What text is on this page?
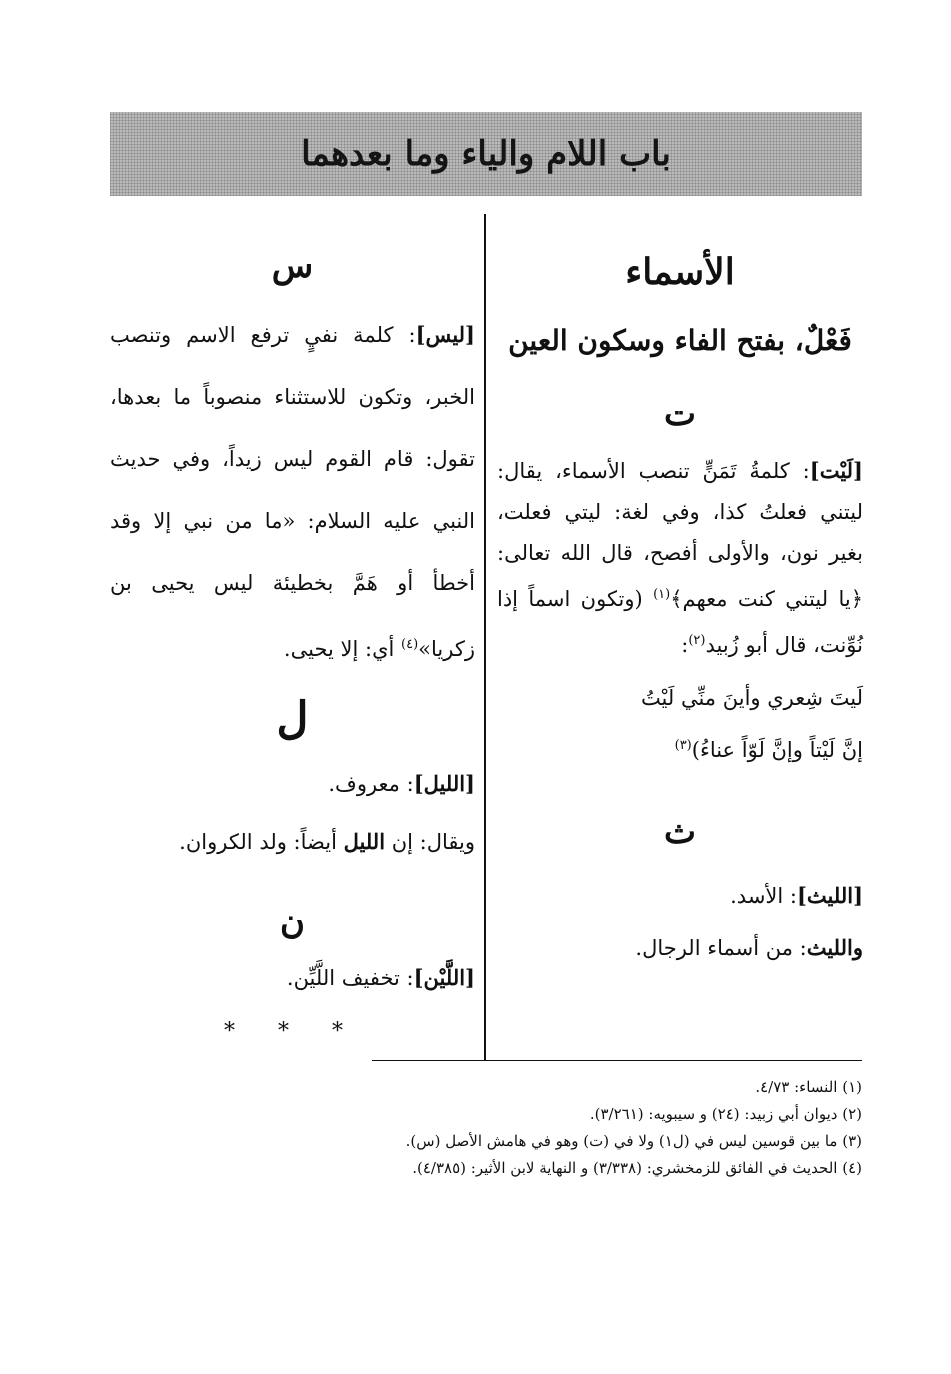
باب اللام والياء وما بعدهما

الأسماء

فَعْلٌ، بفتح الفاء وسكون العين

ت

[لَيْت]: كلمةُ تَمَنٍّ تنصب الأسماء، يقال: ليتني فعلتُ كذا، وفي لغة: ليتي فعلت، بغير نون، والأولى أفصح، قال الله تعالى: ﴿يا ليتني كنت معهم﴾$^{(١)}$ (وتكون اسماً إذا نُوِّنت، قال أبو زُبيد$^{(٢)}$:

لَيتَ شِعري وأينَ منِّي لَيْتُ

إنَّ لَيْتاً وإنَّ لَوّاً عناءُ)$^{(٣)}$

ث

[الليث]: الأسد.

والليث: من أسماء الرجال.

س

[ليس]: كلمة نفيٍ ترفع الاسم وتنصب الخبر، وتكون للاستثناء منصوباً ما بعدها، تقول: قام القوم ليس زيداً، وفي حديث النبي عليه السلام: «ما من نبي إلا وقد أخطأ أو هَمَّ بخطيئة ليس يحيى بن زكريا»$^{(٤)}$ أي: إلا يحيى.

ل

[الليل]: معروف.

ويقال: إن الليل أيضاً: ولد الكروان.

ن

[اللَّيْن]: تخفيف اللَّيِّن.

* * *

(١) النساء: ٤/٧٣.

(٢) ديوان أبي زبيد: (٢٤) و سيبويه: (٣/٢٦١).

(٣) ما بين قوسين ليس في (ل١) ولا في (ت) وهو في هامش الأصل (س).

(٤) الحديث في الفائق للزمخشري: (٣/٣٣٨) و النهاية لابن الأثير: (٤/٣٨٥).
